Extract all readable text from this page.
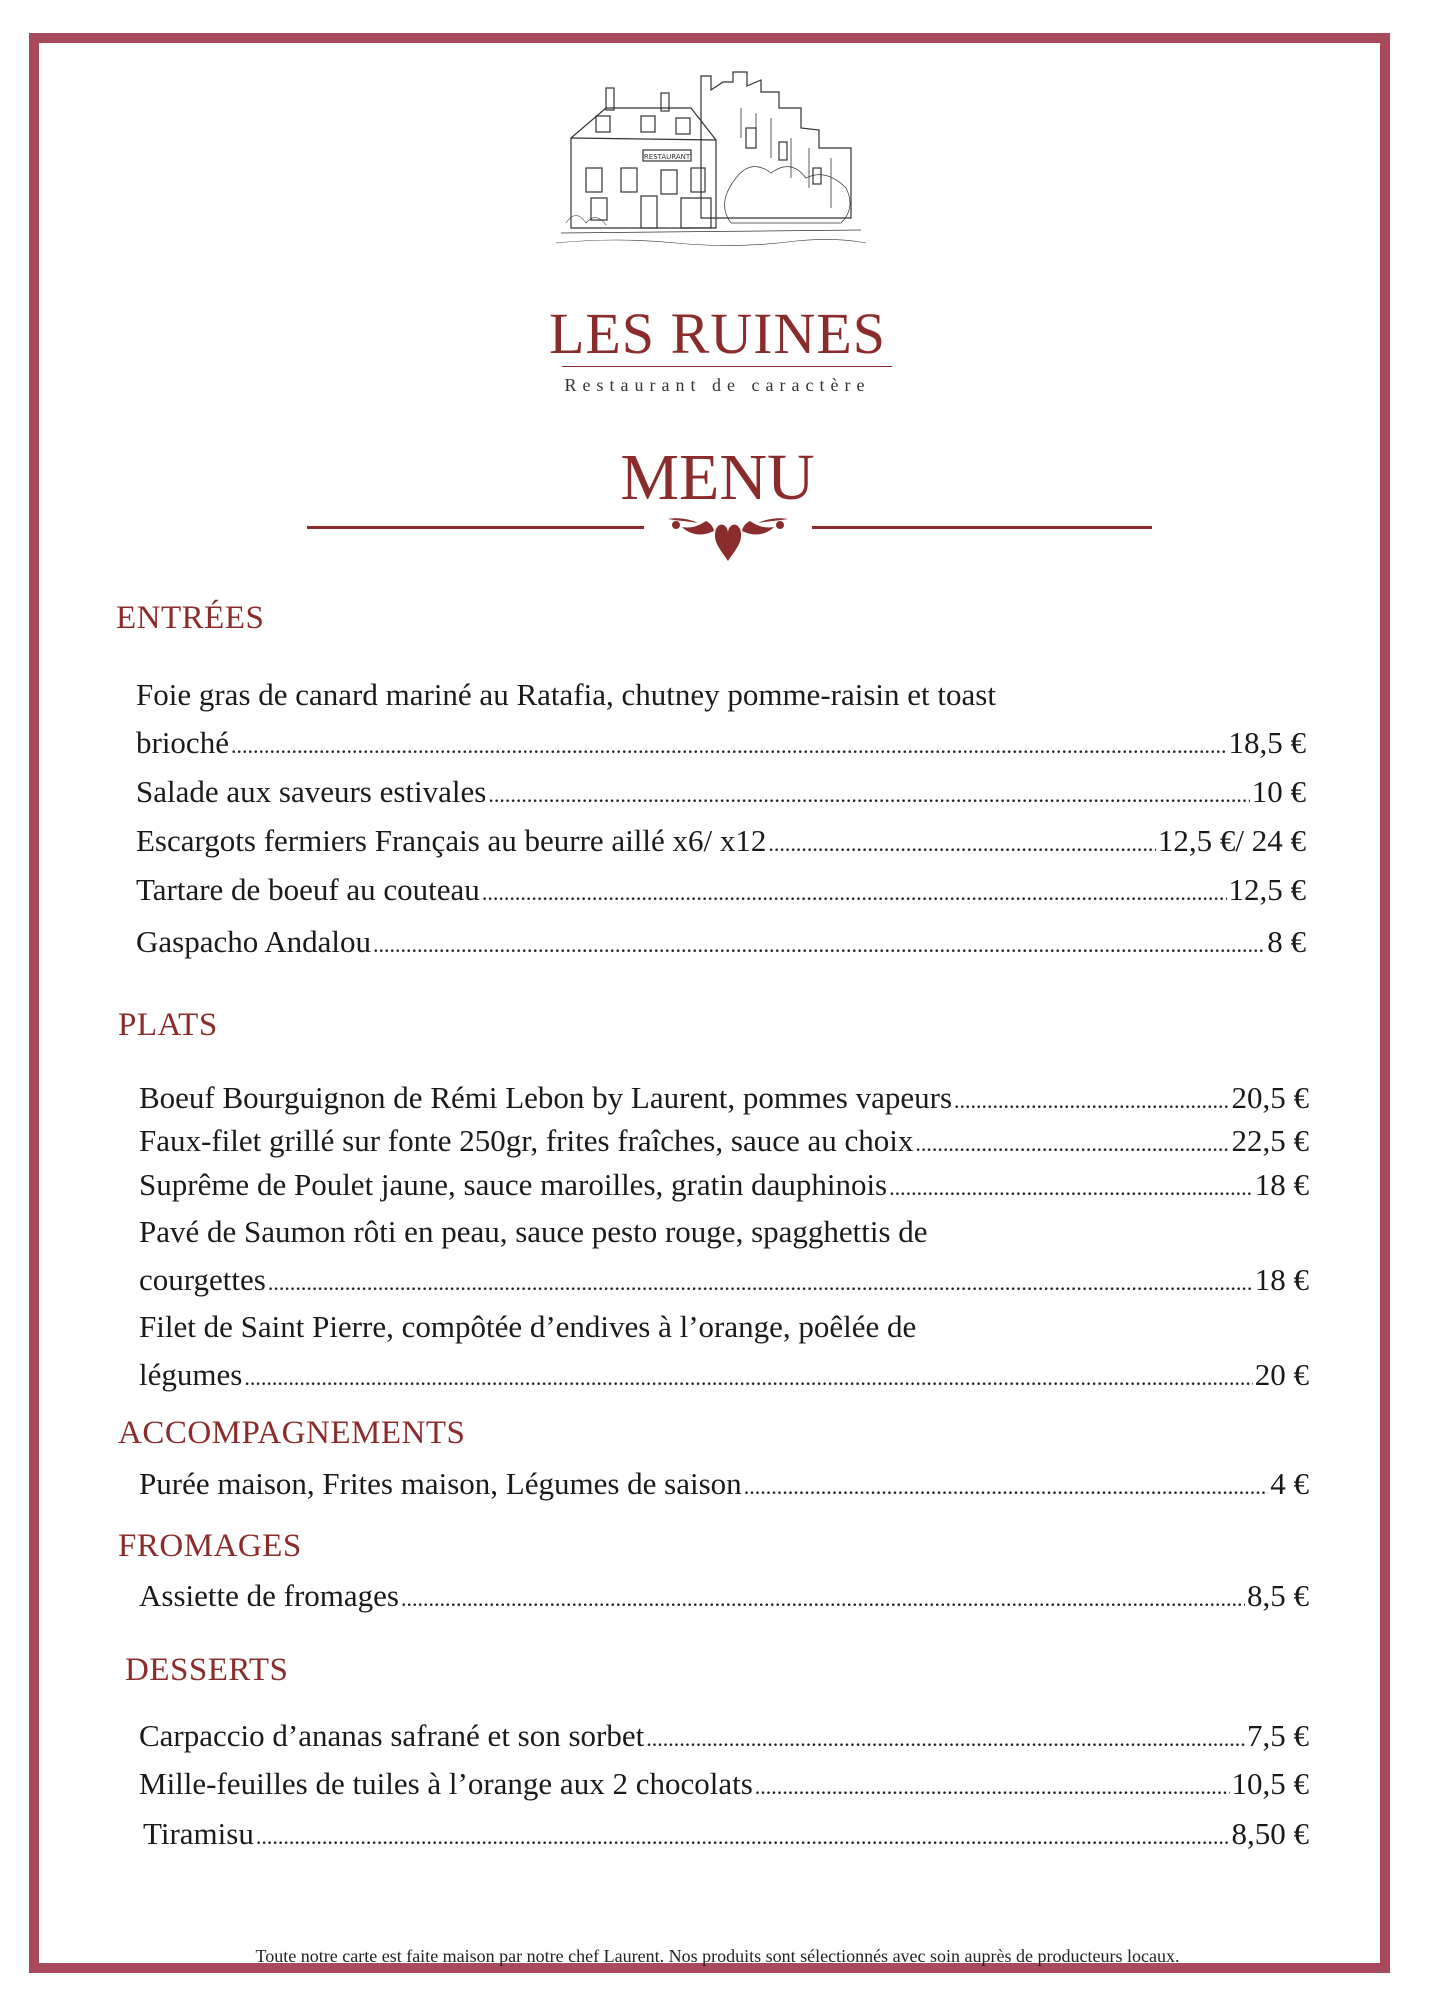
RESTAURANT
LES RUINES
Restaurant de caractère
MENU
ENTRÉES
Foie gras de canard mariné au Ratafia, chutney pomme-raisin et toast
brioché .....	18,5 €
Salade aux saveurs estivales .....	10 €
Escargots fermiers Français au beurre aillé x6/ x12 .....	12,5 €/ 24 €
Tartare de boeuf au couteau .....	12,5 €
Gaspacho Andalou .....	8 €
PLATS
Boeuf Bourguignon de Rémi Lebon by Laurent, pommes vapeurs .....	20,5 €
Faux-filet grillé sur fonte 250gr, frites fraîches, sauce au choix .....	22,5 €
Suprême de Poulet jaune, sauce maroilles, gratin dauphinois .....	18 €
Pavé de Saumon rôti en peau, sauce pesto rouge, spagghettis de
courgettes .....	18 €
Filet de Saint Pierre, compôtée d’endives à l’orange, poêlée de
légumes .....	20 €
ACCOMPAGNEMENTS
Purée maison, Frites maison, Légumes de saison .....	4 €
FROMAGES
Assiette de fromages .....	8,5 €
DESSERTS
Carpaccio d’ananas safrané et son sorbet .....	7,5 €
Mille-feuilles de tuiles à l’orange aux 2 chocolats .....	10,5 €
Tiramisu .....	8,50 €
Toute notre carte est faite maison par notre chef Laurent. Nos produits sont sélectionnés avec soin auprès de producteurs locaux.
